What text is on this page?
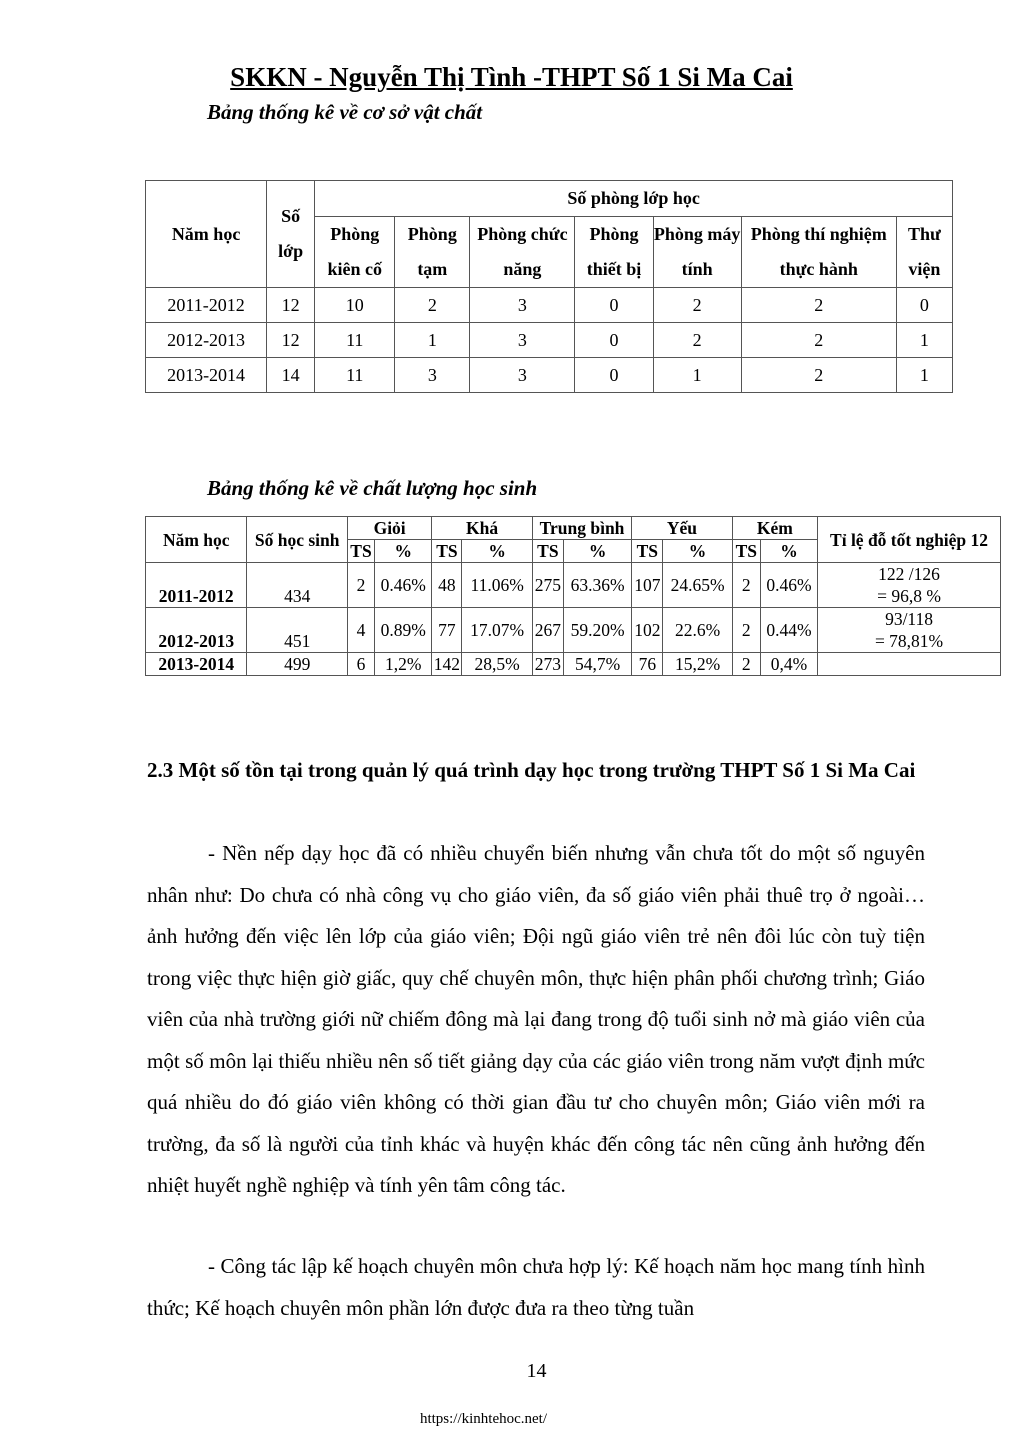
SKKN - Nguyễn Thị Tình -THPT Số 1 Si Ma Cai
Bảng thống kê về cơ sở vật chất
Năm học	Số lớp	Số phòng lớp học						
		Phòng kiên cố	Phòng tạm	Phòng chức năng	Phòng thiết bị	Phòng máy tính	Phòng thí nghiệm thực hành	Thư viện
2011-2012	12	10	2	3	0	2	2	0
2012-2013	12	11	1	3	0	2	2	1
2013-2014	14	11	3	3	0	1	2	1
Bảng thống kê về chất lượng học sinh
Năm học	Số học sinh	Giỏi		Khá		Trung bình		Yếu		Kém		Tỉ lệ đỗ tốt nghiệp 12
		TS	%	TS	%	TS	%	TS	%	TS	%	
2011-2012	434	2	0.46%	48	11.06%	275	63.36%	107	24.65%	2	0.46%	122 /126
= 96,8 %

2012-2013	451	4	0.89%	77	17.07%	267	59.20%	102	22.6%	2	0.44%	93/118
= 78,81%

2013-2014	499	6	1,2%	142	28,5%	273	54,7%	76	15,2%	2	0,4%	
2.3 Một số tồn tại trong quản lý quá trình dạy học trong trường THPT Số 1 Si Ma Cai
- Nền nếp dạy học đã có nhiều chuyển biến nhưng vẫn chưa tốt do một số nguyên nhân như: Do chưa có nhà công vụ cho giáo viên, đa số giáo viên phải thuê trọ ở ngoài… ảnh hưởng đến việc lên lớp của giáo viên; Đội ngũ giáo viên trẻ nên đôi lúc còn tuỳ tiện trong việc thực hiện giờ giấc, quy chế chuyên môn, thực hiện phân phối chương trình; Giáo viên của nhà trường giới nữ chiếm đông mà lại đang trong độ tuổi sinh nở mà giáo viên của một số môn lại thiếu nhiều nên số tiết giảng dạy của các giáo viên trong năm vượt định mức quá nhiều do đó giáo viên không có thời gian đầu tư cho chuyên môn; Giáo viên mới ra trường, đa số là người của tỉnh khác và huyện khác đến công tác nên cũng ảnh hưởng đến nhiệt huyết nghề nghiệp và tính yên tâm công tác.
- Công tác lập kế hoạch chuyên môn chưa hợp lý: Kế hoạch năm học mang tính hình thức; Kế hoạch chuyên môn phần lớn được đưa ra theo từng tuần
14
https://kinhtehoc.net/
